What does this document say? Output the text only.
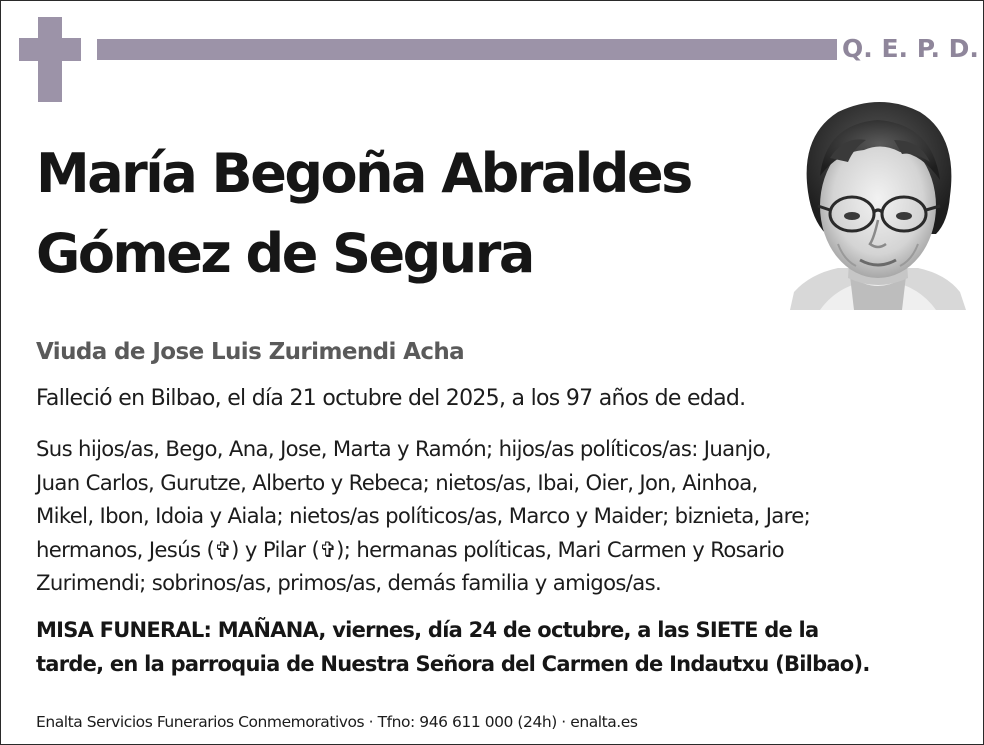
Q. E. P. D.
María Begoña Abraldes
Gómez de Segura
Viuda de Jose Luis Zurimendi Acha
Falleció en Bilbao, el día 21 octubre del 2025, a los 97 años de edad.
Sus hijos/as, Bego, Ana, Jose, Marta y Ramón; hijos/as políticos/as: Juanjo,
Juan Carlos, Gurutze, Alberto y Rebeca; nietos/as, Ibai, Oier, Jon, Ainhoa,
Mikel, Ibon, Idoia y Aiala; nietos/as políticos/as, Marco y Maider; biznieta, Jare;
hermanos, Jesús (✞) y Pilar (✞); hermanas políticas, Mari Carmen y Rosario
Zurimendi; sobrinos/as, primos/as, demás familia y amigos/as.
MISA FUNERAL: MAÑANA, viernes, día 24 de octubre, a las SIETE de la
tarde, en la parroquia de Nuestra Señora del Carmen de Indautxu (Bilbao).
Enalta Servicios Funerarios Conmemorativos · Tfno: 946 611 000 (24h) · enalta.es
